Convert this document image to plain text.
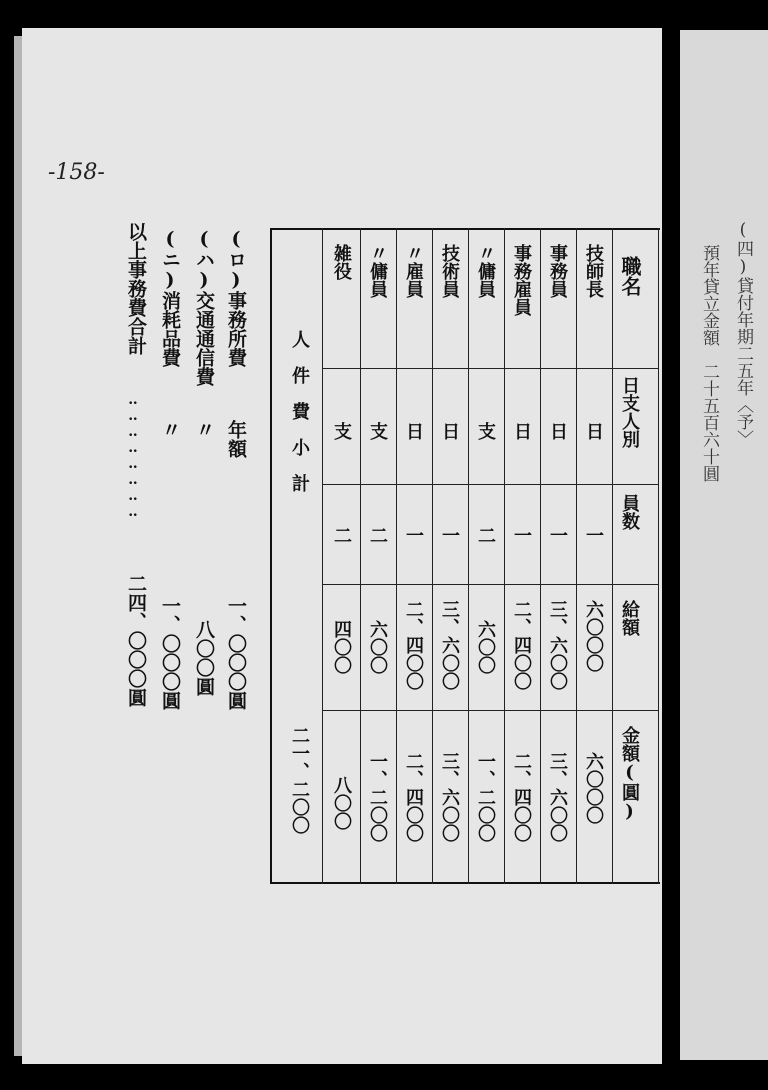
-158-

(ロ)事務所費
年額
一、〇〇〇圓
(ハ)交通通信費
〃
八〇〇圓
(ニ)消耗品費
〃
一、〇〇〇圓
以上事務費合計
‥‥‥‥‥‥‥‥
二四、〇〇〇圓
職名
日支人別
員数
給額
金額(圓)
技師長
日
一
六〇〇〇
六〇〇〇
事務員
日
一
三、六〇〇
三、六〇〇
事務雇員
日
一
二、四〇〇
二、四〇〇
〃傭員
支
二
六〇〇
一、二〇〇
技術員
日
一
三、六〇〇
三、六〇〇
〃雇員
日
一
二、四〇〇
二、四〇〇
〃傭員
支
二
六〇〇
一、二〇〇
雑役
支
二
四〇〇
八〇〇
人件費小計
二一、二〇〇
(四)貸付年期二五年〈予〉
預年貸立金額　二十五百六十圓
